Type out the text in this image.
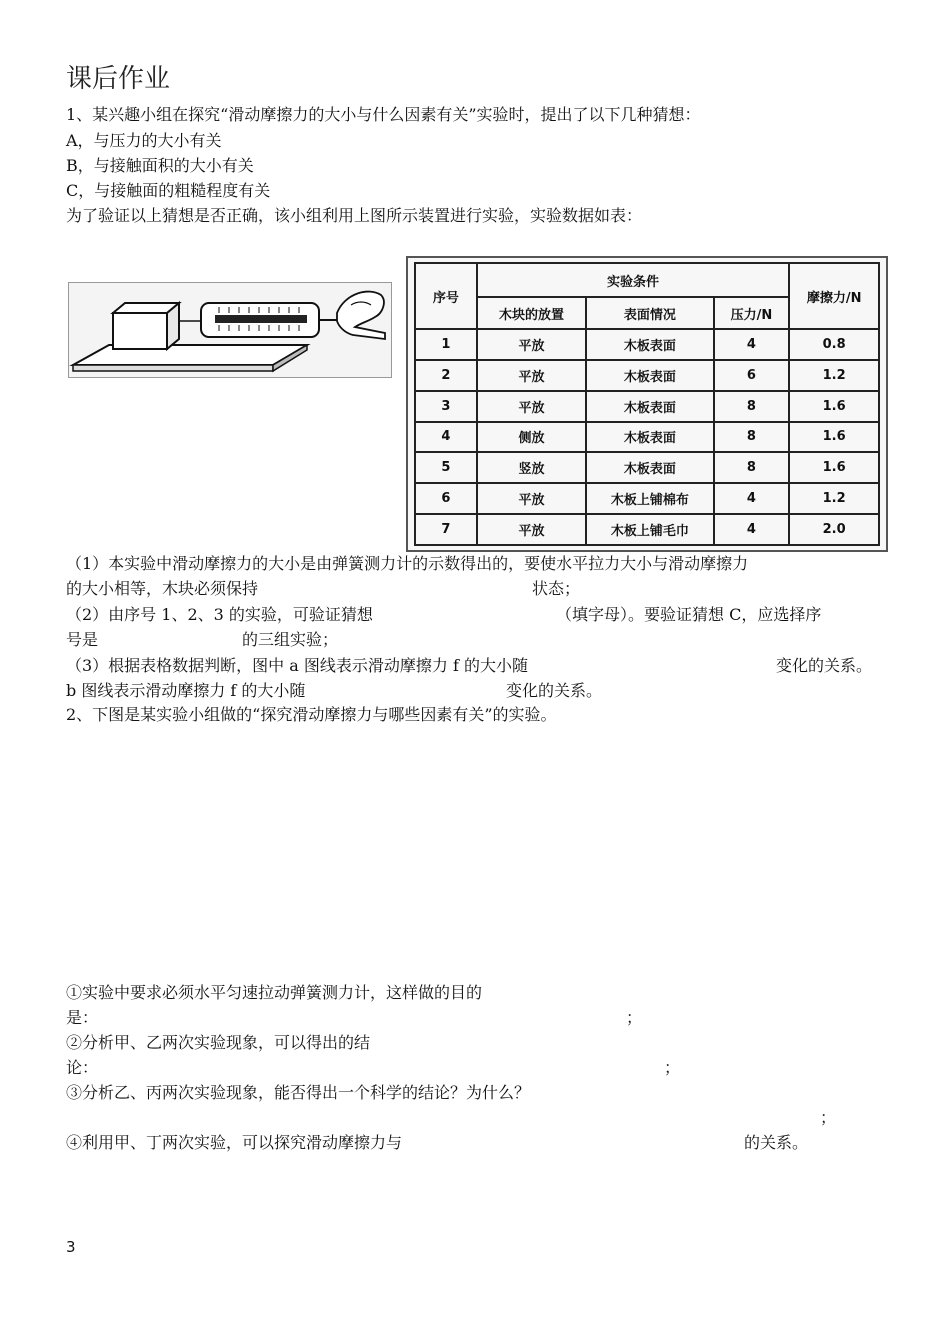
课后作业
1、某兴趣小组在探究“滑动摩擦力的大小与什么因素有关”实验时，提出了以下几种猜想：
A，与压力的大小有关
B，与接触面积的大小有关
C，与接触面的粗糙程度有关
为了验证以上猜想是否正确，该小组利用上图所示装置进行实验，实验数据如表：
序号	实验条件			摩擦力/N
	木块的放置	表面情况	压力/N	
1	平放	木板表面	4	0.8
2	平放	木板表面	6	1.2
3	平放	木板表面	8	1.6
4	侧放	木板表面	8	1.6
5	竖放	木板表面	8	1.6
6	平放	木板上铺棉布	4	1.2
7	平放	木板上铺毛巾	4	2.0
（1）本实验中滑动摩擦力的大小是由弹簧测力计的示数得出的，要使水平拉力大小与滑动摩擦力
的大小相等，木块必须保持	状态；
（2）由序号 1、2、3 的实验，可验证猜想	（填字母）。要验证猜想 C，应选择序
号是	的三组实验；
（3）根据表格数据判断，图中 a 图线表示滑动摩擦力 f 的大小随	变化的关系。
b 图线表示滑动摩擦力 f 的大小随	变化的关系。
2、下图是某实验小组做的“探究滑动摩擦力与哪些因素有关”的实验。
①实验中要求必须水平匀速拉动弹簧测力计，这样做的目的
是：	；
②分析甲、乙两次实验现象，可以得出的结
论：	；
③分析乙、丙两次实验现象，能否得出一个科学的结论？为什么？
；
④利用甲、丁两次实验，可以探究滑动摩擦力与	的关系。
3
